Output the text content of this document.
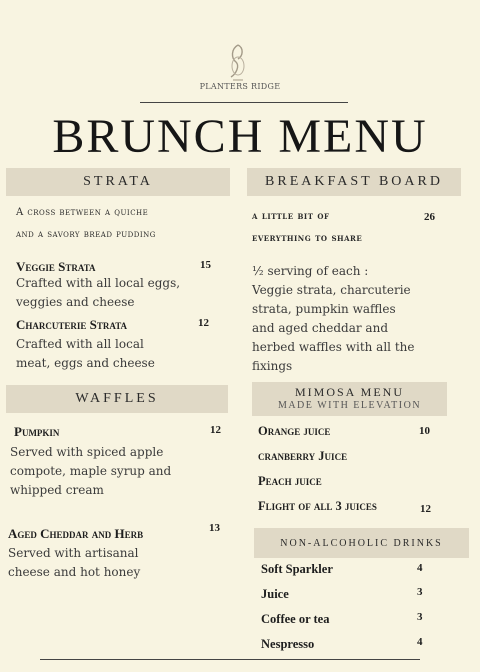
PLANTERS RIDGE
BRUNCH MENU
STRATA
A cross between a quiche
and a savory bread pudding
Veggie Strata	15
Crafted with all local eggs,
veggies and cheese
Charcuterie Strata	12
Crafted with all local
meat, eggs and cheese
BREAKFAST BOARD
a little bit of	26
everything to share
½ serving of each :
Veggie strata, charcuterie
strata, pumpkin waffles
and aged cheddar and
herbed waffles with all the
fixings
WAFFLES
Pumpkin	12
Served with spiced apple
compote, maple syrup and
whipped cream
Aged Cheddar and Herb	13
Served with artisanal
cheese and hot honey
MIMOSA MENU
MADE WITH ELEVATION
Orange juice	10
cranberry Juice
Peach juice
Flight of all 3 juices	12
NON-ALCOHOLIC DRINKS
Soft Sparkler	4
Juice	3
Coffee or tea	3
Nespresso	4
